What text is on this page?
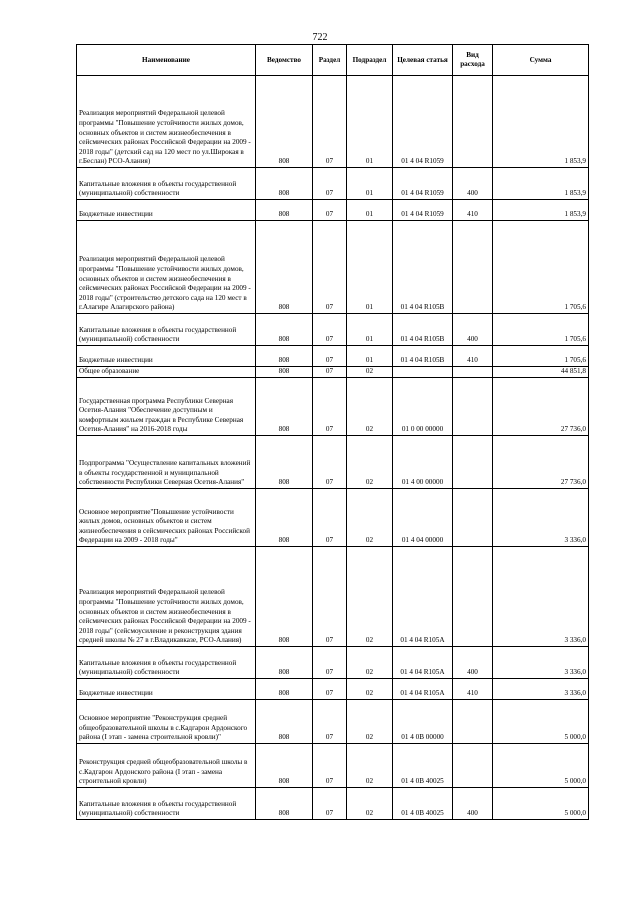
722
Наименование	Ведомство	Раздел	Подраздел	Целевая статья	Вид расхода	Сумма
Реализация мероприятий Федеральной целевой программы "Повышение устойчивости жилых домов, основных объектов и систем жизнеобеспечения в сейсмических районах Российской Федерации на 2009 - 2018 годы" (детский сад на 120 мест по ул.Широкая в г.Беслан) РСО-Алания)	808	07	01	01 4 04 R1059		1 853,9
Капитальные вложения в объекты государственной (муниципальной) собственности	808	07	01	01 4 04 R1059	400	1 853,9
Бюджетные инвестиции	808	07	01	01 4 04 R1059	410	1 853,9
Реализация мероприятий Федеральной целевой программы "Повышение устойчивости жилых домов, основных объектов и систем жизнеобеспечения в сейсмических районах Российской Федерации на 2009 - 2018 годы" (строительство детского сада на 120 мест в г.Алагире Алагирского района)	808	07	01	01 4 04 R105B		1 705,6
Капитальные вложения в объекты государственной (муниципальной) собственности	808	07	01	01 4 04 R105B	400	1 705,6
Бюджетные инвестиции	808	07	01	01 4 04 R105B	410	1 705,6
Общее образование	808	07	02			44 851,8
Государственная программа Республики Северная Осетия-Алания "Обеспечение доступным и комфортным жильем граждан в Республике Северная Осетия-Алания" на 2016-2018 годы	808	07	02	01 0 00 00000		27 736,0
Подпрограмма "Осуществление капитальных вложений в объекты государственной и муниципальной собственности Республики Северная Осетия-Алания"	808	07	02	01 4 00 00000		27 736,0
Основное мероприятие"Повышение устойчивости жилых домов, основных объектов и систем жизнеобеспечения в сейсмических районах Российской Федерации на 2009 - 2018 годы"	808	07	02	01 4 04 00000		3 336,0
Реализация мероприятий Федеральной целевой программы "Повышение устойчивости жилых домов, основных объектов и систем жизнеобеспечения в сейсмических районах Российской Федерации на 2009 - 2018 годы" (сейсмоусиление и реконструкция здания средней школы № 27 в г.Владикавказе, РСО-Алания)	808	07	02	01 4 04 R105A		3 336,0
Капитальные вложения в объекты государственной (муниципальной) собственности	808	07	02	01 4 04 R105A	400	3 336,0
Бюджетные инвестиции	808	07	02	01 4 04 R105A	410	3 336,0
Основное мероприятие "Реконструкция средней общеобразовательной школы в с.Кадгарон Ардонского района (I этап - замена строительной кровли)"	808	07	02	01 4 0B 00000		5 000,0
Реконструкция средней общеобразовательной школы в с.Кадгарон Ардонского района (I этап - замена строительной кровли)	808	07	02	01 4 0B 40025		5 000,0
Капитальные вложения в объекты государственной (муниципальной) собственности	808	07	02	01 4 0B 40025	400	5 000,0
